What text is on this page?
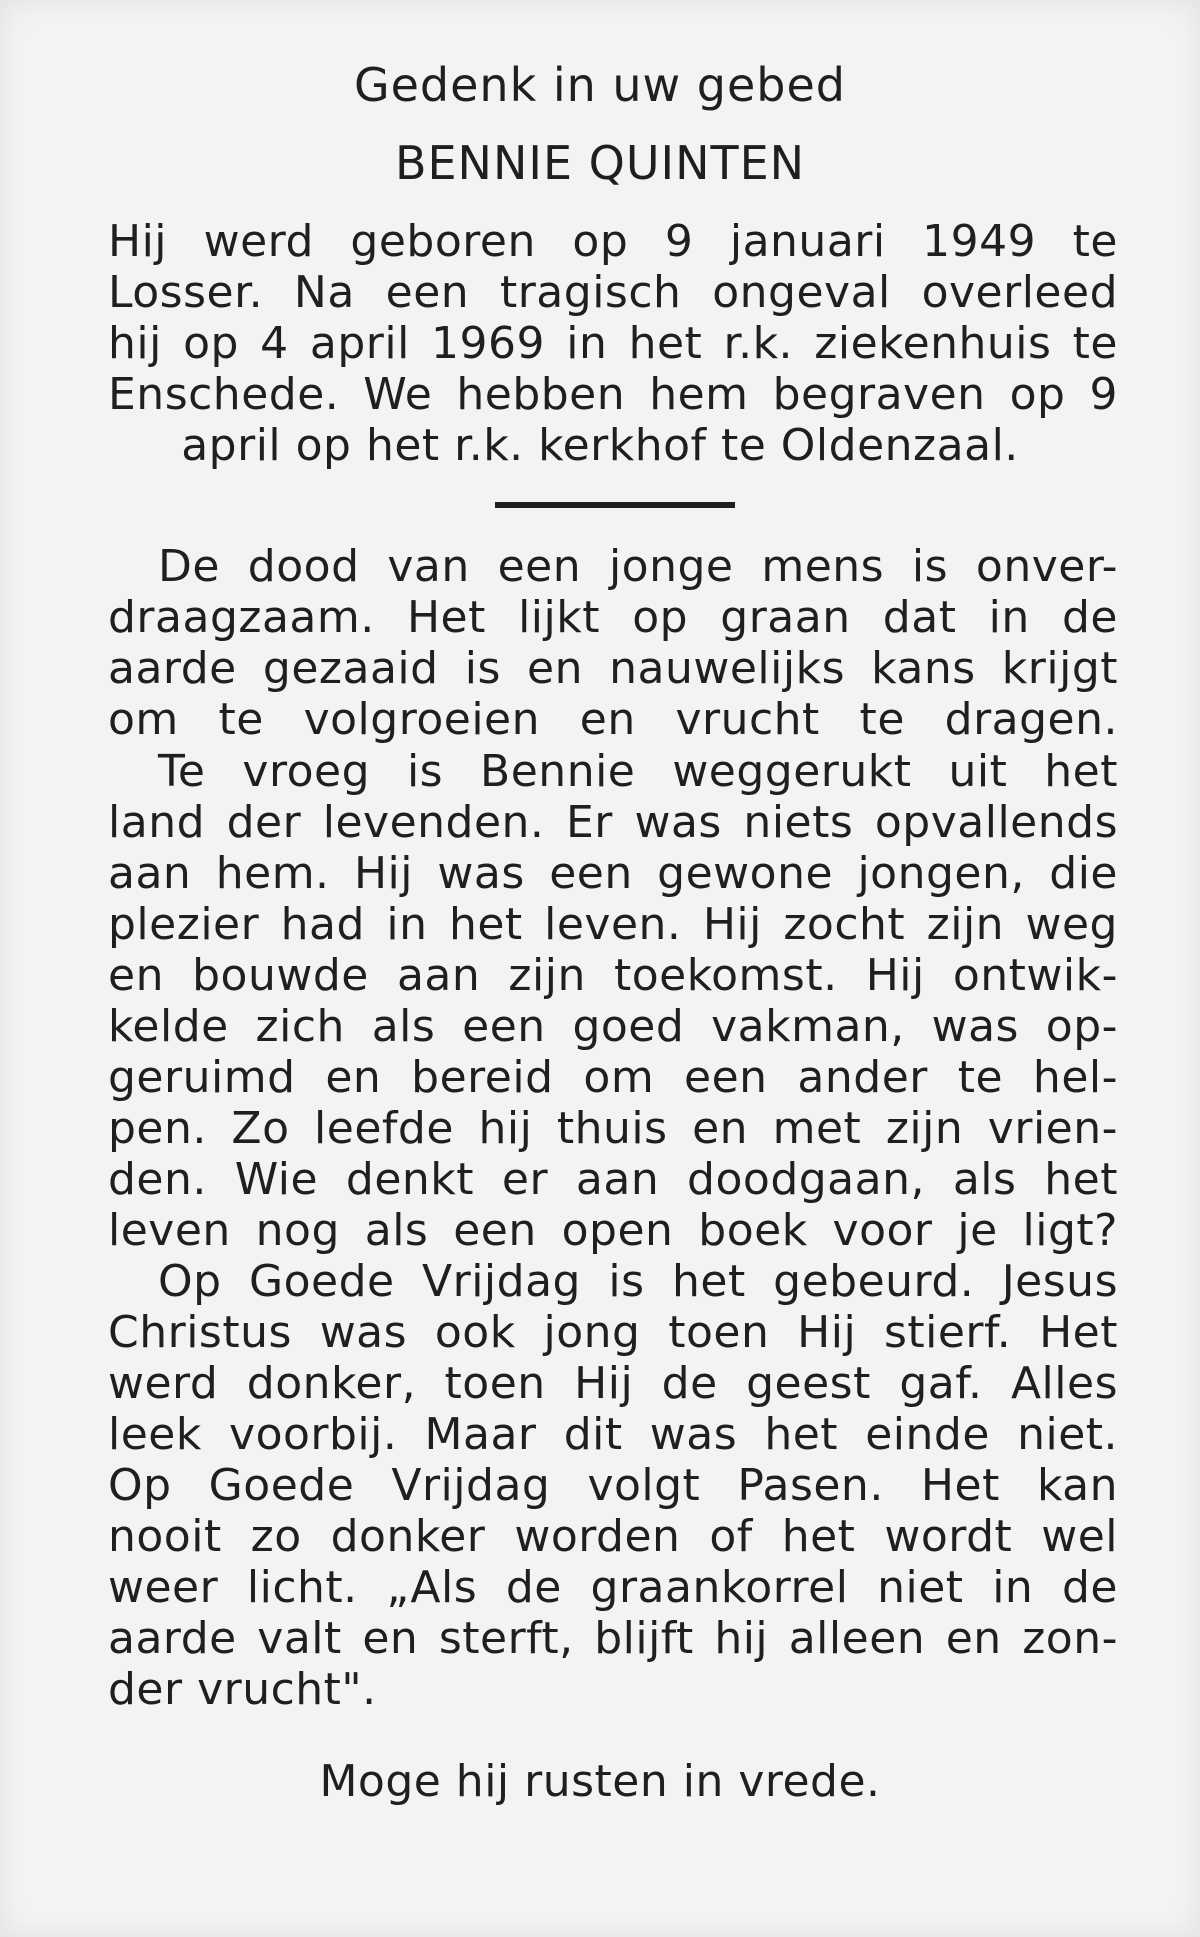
Gedenk in uw gebed

BENNIE QUINTEN

Hij werd geboren op 9 januari 1949 te

Losser. Na een tragisch ongeval overleed

hij op 4 april 1969 in het r.k. ziekenhuis te

Enschede. We hebben hem begraven op 9

april op het r.k. kerkhof te Oldenzaal.

De dood van een jonge mens is onver-

draagzaam. Het lijkt op graan dat in de

aarde gezaaid is en nauwelijks kans krijgt

om te volgroeien en vrucht te dragen.

Te vroeg is Bennie weggerukt uit het

land der levenden. Er was niets opvallends

aan hem. Hij was een gewone jongen, die

plezier had in het leven. Hij zocht zijn weg

en bouwde aan zijn toekomst. Hij ontwik-

kelde zich als een goed vakman, was op-

geruimd en bereid om een ander te hel-

pen. Zo leefde hij thuis en met zijn vrien-

den. Wie denkt er aan doodgaan, als het

leven nog als een open boek voor je ligt?

Op Goede Vrijdag is het gebeurd. Jesus

Christus was ook jong toen Hij stierf. Het

werd donker, toen Hij de geest gaf. Alles

leek voorbij. Maar dit was het einde niet.

Op Goede Vrijdag volgt Pasen. Het kan

nooit zo donker worden of het wordt wel

weer licht. „Als de graankorrel niet in de

aarde valt en sterft, blijft hij alleen en zon-

der vrucht".

Moge hij rusten in vrede.
